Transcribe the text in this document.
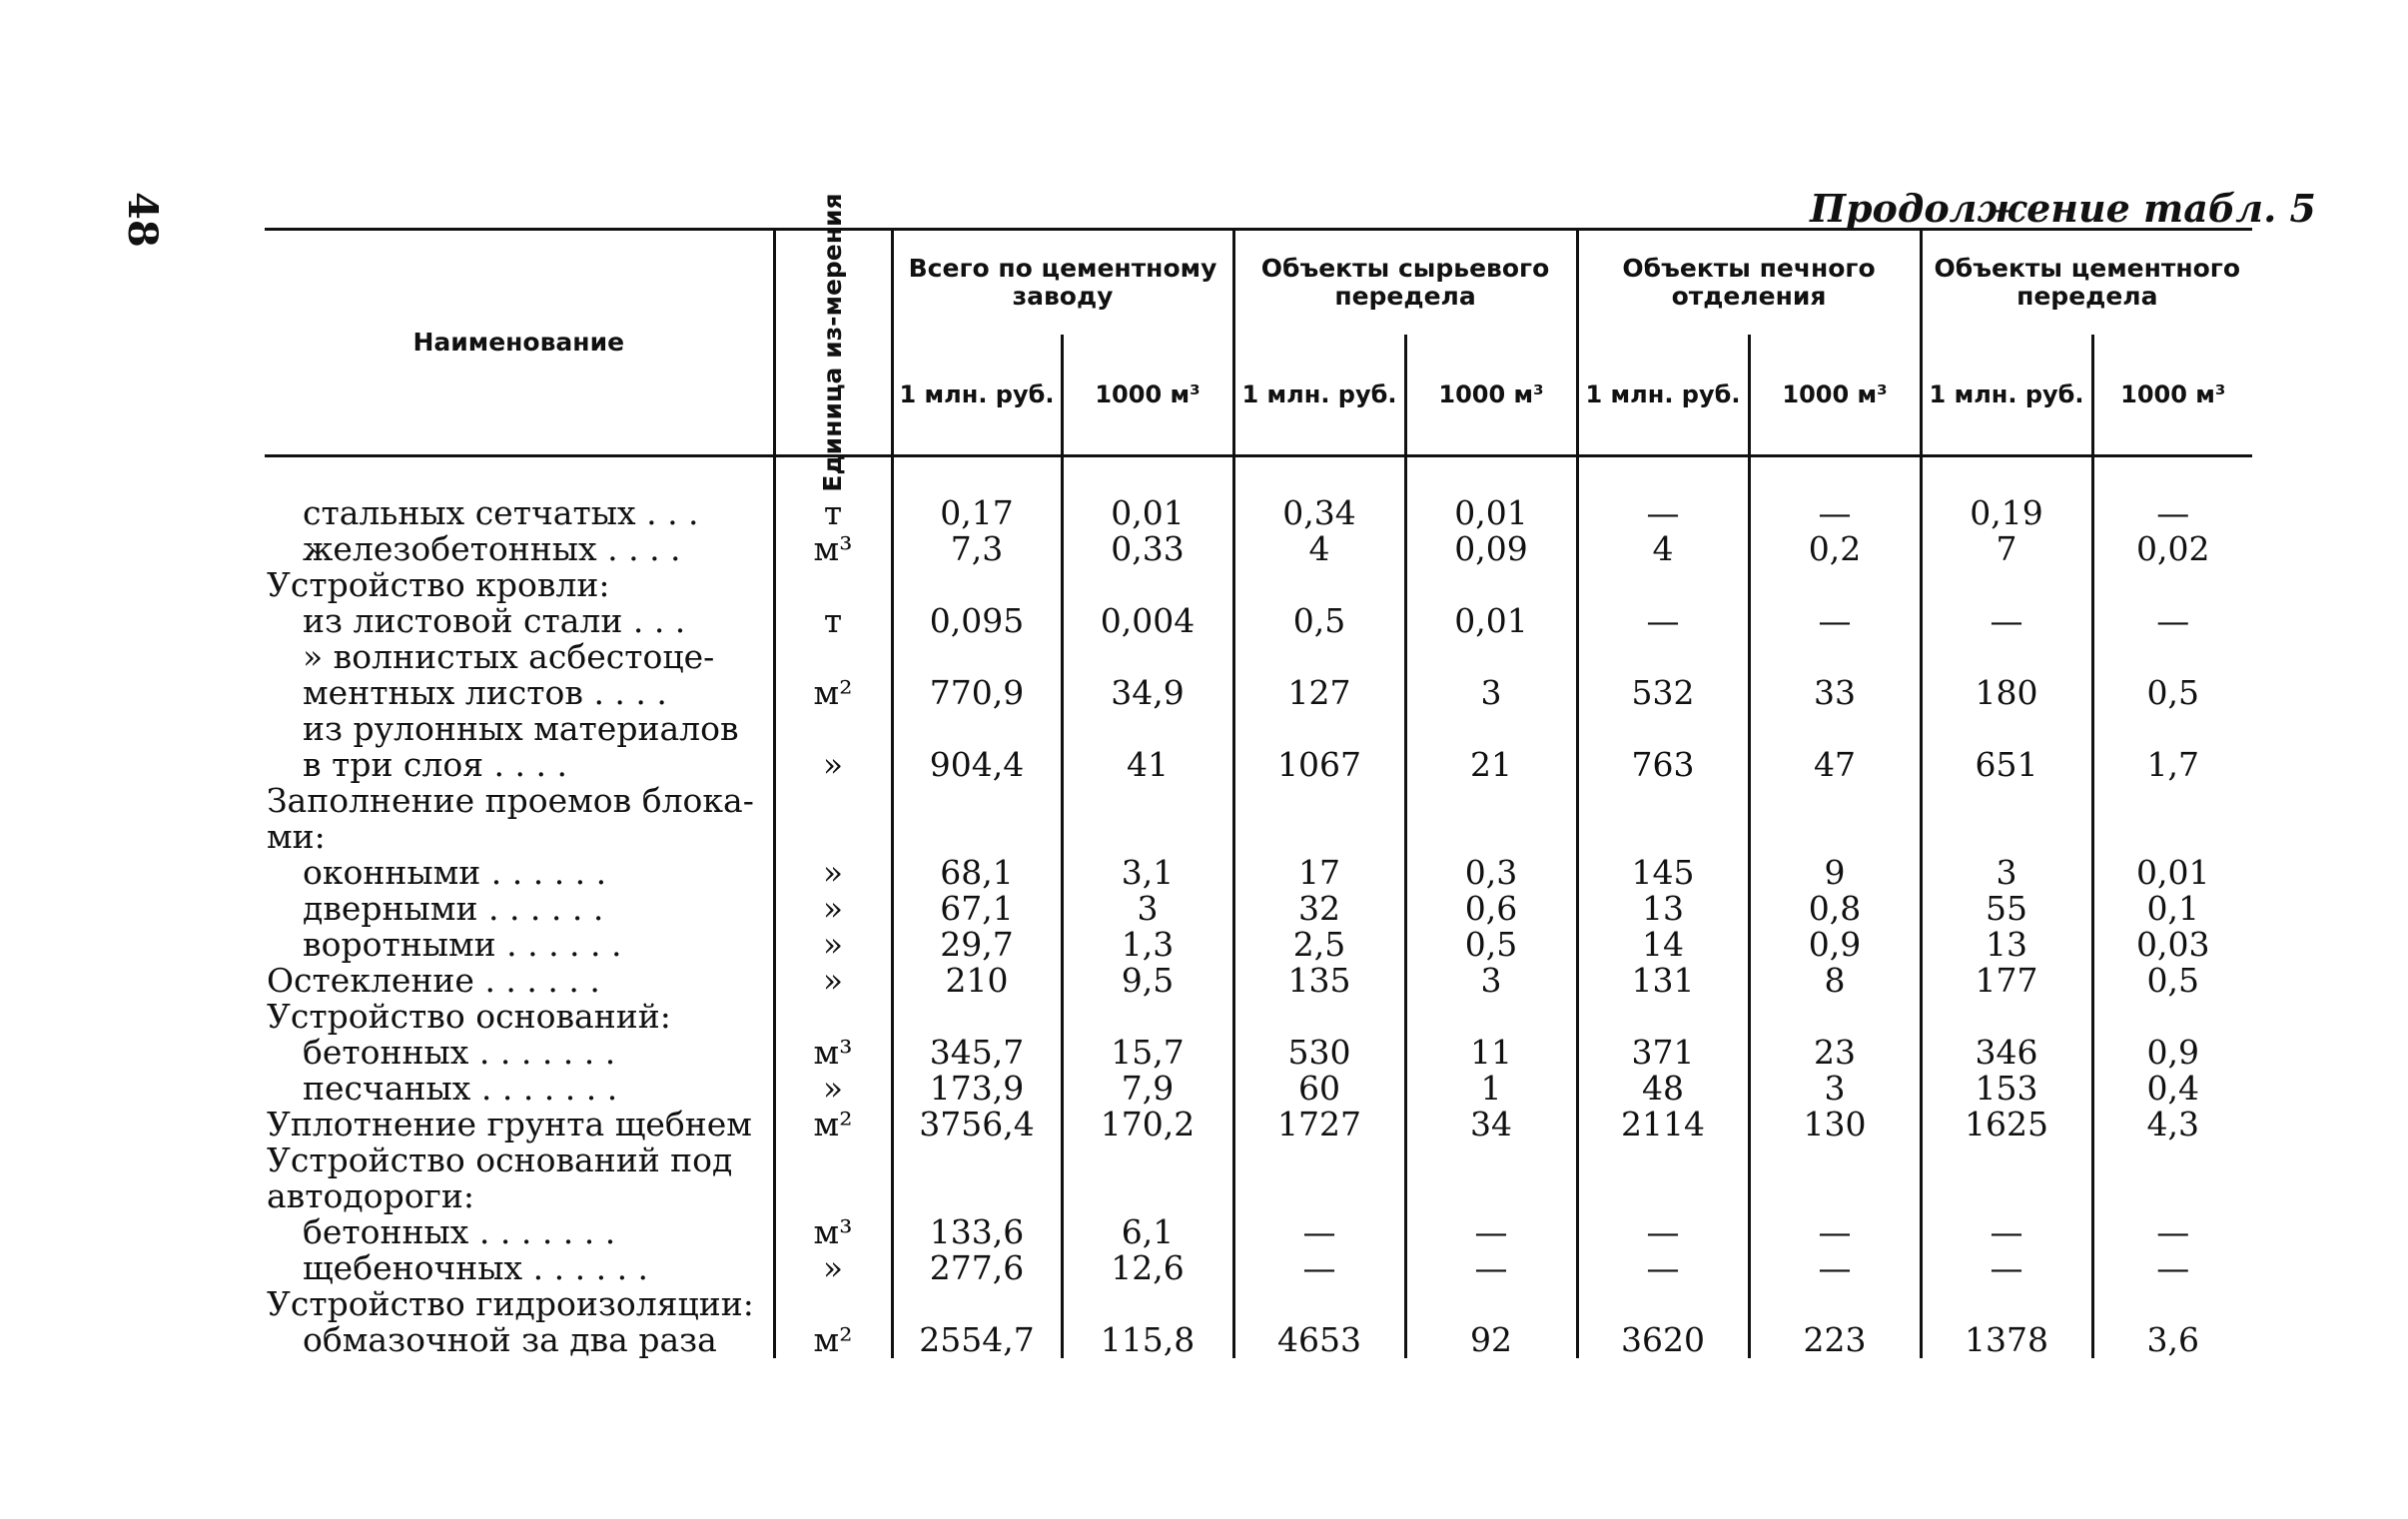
48	Продолжение табл. 5
Наименование	Единица из-мерения	Всего по цементному заводу		Объекты сырьевого передела		Объекты печного отделения		Объекты цементного передела	

		1 млн. руб.	1000 м³	1 млн. руб.	1000 м³	1 млн. руб.	1000 м³	1 млн. руб.	1000 м³
стальных сетчатых . . .	т	0,17	0,01	0,34	0,01	—	—	0,19	—
железобетонных . . . .	м³	7,3	0,33	4	0,09	4	0,2	7	0,02
Устройство кровли:									
из листовой стали . . .	т	0,095	0,004	0,5	0,01	—	—	—	—
» волнистых асбестоце-									
ментных листов . . . .	м²	770,9	34,9	127	3	532	33	180	0,5
из рулонных материалов									
в три слоя . . . .	»	904,4	41	1067	21	763	47	651	1,7
Заполнение проемов блока-									
ми:									
оконными . . . . . .	»	68,1	3,1	17	0,3	145	9	3	0,01
дверными . . . . . .	»	67,1	3	32	0,6	13	0,8	55	0,1
воротными . . . . . .	»	29,7	1,3	2,5	0,5	14	0,9	13	0,03
Остекление . . . . . .	»	210	9,5	135	3	131	8	177	0,5
Устройство оснований:									
бетонных . . . . . . .	м³	345,7	15,7	530	11	371	23	346	0,9
песчаных . . . . . . .	»	173,9	7,9	60	1	48	3	153	0,4
Уплотнение грунта щебнем	м²	3756,4	170,2	1727	34	2114	130	1625	4,3
Устройство оснований под									
автодороги:									
бетонных . . . . . . .	м³	133,6	6,1	—	—	—	—	—	—
щебеночных . . . . . .	»	277,6	12,6	—	—	—	—	—	—
Устройство гидроизоляции:									
обмазочной за два раза	м²	2554,7	115,8	4653	92	3620	223	1378	3,6
